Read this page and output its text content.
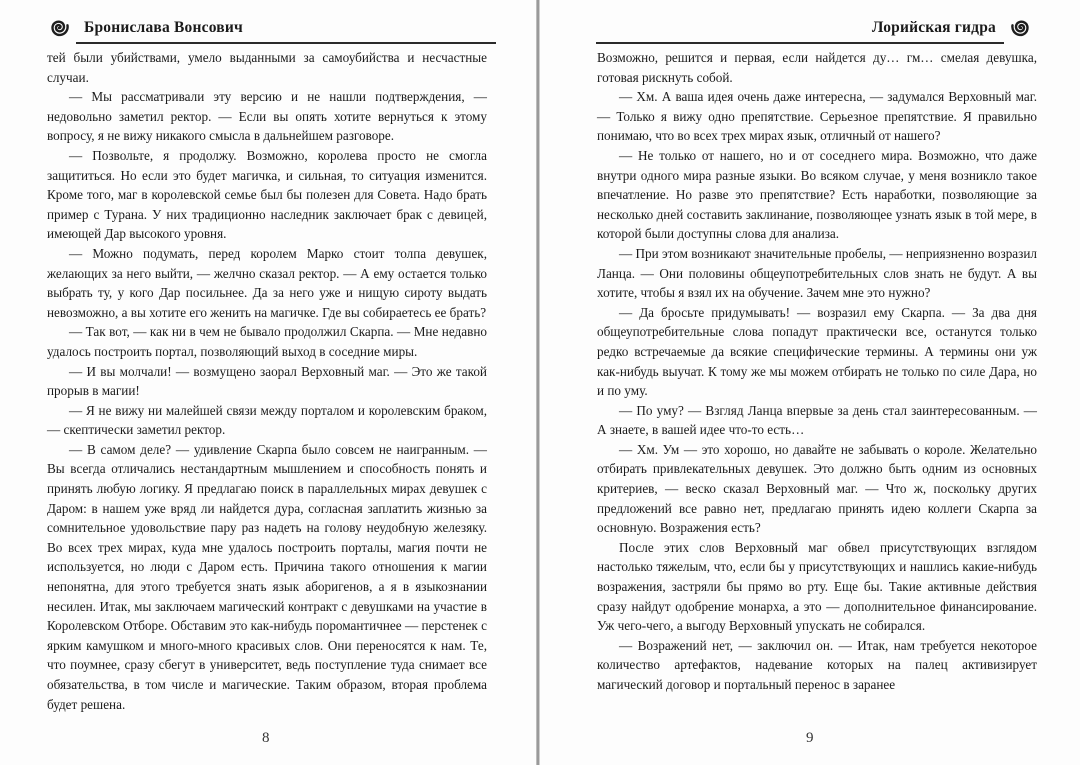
Брониcлава Вонсович

тей были убийствами, умело выданными за самоубийства и несчастные случаи.

— Мы рассматривали эту версию и не нашли подтверждения, — недовольно заметил ректор. — Если вы опять хотите вернуться к этому вопросу, я не вижу никакого смысла в дальнейшем разговоре.

— Позвольте, я продолжу. Возможно, королева просто не смогла защититься. Но если это будет магичка, и сильная, то ситуация изменится. Кроме того, маг в королевской семье был бы полезен для Совета. Надо брать пример с Турана. У них традиционно наследник заключает брак с девицей, имеющей Дар высокого уровня.

— Можно подумать, перед королем Марко стоит толпа девушек, желающих за него выйти, — желчно сказал ректор. — А ему остается только выбрать ту, у кого Дар посильнее. Да за него уже и нищую сироту выдать невозможно, а вы хотите его женить на магичке. Где вы собираетесь ее брать?

— Так вот, — как ни в чем не бывало продолжил Скарпа. — Мне недавно удалось построить портал, позволяющий выход в соседние миры.

— И вы молчали! — возмущено заорал Верховный маг. — Это же такой прорыв в магии!

— Я не вижу ни малейшей связи между порталом и королевским браком, — скептически заметил ректор.

— В самом деле? — удивление Скарпа было совсем не наигранным. — Вы всегда отличались нестандартным мышлением и способность понять и принять любую логику. Я предлагаю поиск в параллельных мирах девушек с Даром: в нашем уже вряд ли найдется дура, согласная заплатить жизнью за сомнительное удовольствие пару раз надеть на голову неудобную железяку. Во всех трех мирах, куда мне удалось построить порталы, магия почти не используется, но люди с Даром есть. Причина такого отношения к магии непонятна, для этого требуется знать язык аборигенов, а я в языкознании несилен. Итак, мы заключаем магический контракт с девушками на участие в Королевском Отборе. Обставим это как-нибудь поромантичнее — перстенек с ярким камушком и много-много красивых слов. Они переносятся к нам. Те, что поумнее, сразу сбегут в университет, ведь поступление туда снимает все обязательства, в том числе и магические. Таким образом, вторая проблема будет решена.

8
Лорийская гидра

Возможно, решится и первая, если найдется ду… гм… смелая девушка, готовая рискнуть собой.

— Хм. А ваша идея очень даже интересна, — задумался Верховный маг. — Только я вижу одно препятствие. Серьезное препятствие. Я правильно понимаю, что во всех трех мирах язык, отличный от нашего?

— Не только от нашего, но и от соседнего мира. Возможно, что даже внутри одного мира разные языки. Во всяком случае, у меня возникло такое впечатление. Но разве это препятствие? Есть наработки, позволяющие за несколько дней составить заклинание, позволяющее узнать язык в той мере, в которой были доступны слова для анализа.

— При этом возникают значительные пробелы, — неприязненно возразил Ланца. — Они половины общеупотребительных слов знать не будут. А вы хотите, чтобы я взял их на обучение. Зачем мне это нужно?

— Да бросьте придумывать! — возразил ему Скарпа. — За два дня общеупотребительные слова попадут практически все, останутся только редко встречаемые да всякие специфические термины. А термины они уж как-нибудь выучат. К тому же мы можем отбирать не только по силе Дара, но и по уму.

— По уму? — Взгляд Ланца впервые за день стал заинтересованным. — А знаете, в вашей идее что-то есть…

— Хм. Ум — это хорошо, но давайте не забывать о короле. Желательно отбирать привлекательных девушек. Это должно быть одним из основных критериев, — веско сказал Верховный маг. — Что ж, поскольку других предложений все равно нет, предлагаю принять идею коллеги Скарпа за основную. Возражения есть?

После этих слов Верховный маг обвел присутствующих взглядом настолько тяжелым, что, если бы у присутствующих и нашлись какие-нибудь возражения, застряли бы прямо во рту. Еще бы. Такие активные действия сразу найдут одобрение монарха, а это — дополнительное финансирование. Уж чего-чего, а выгоду Верховный упускать не собирался.

— Возражений нет, — заключил он. — Итак, нам требуется некоторое количество артефактов, надевание которых на палец активизирует магический договор и портальный перенос в заранее

9
